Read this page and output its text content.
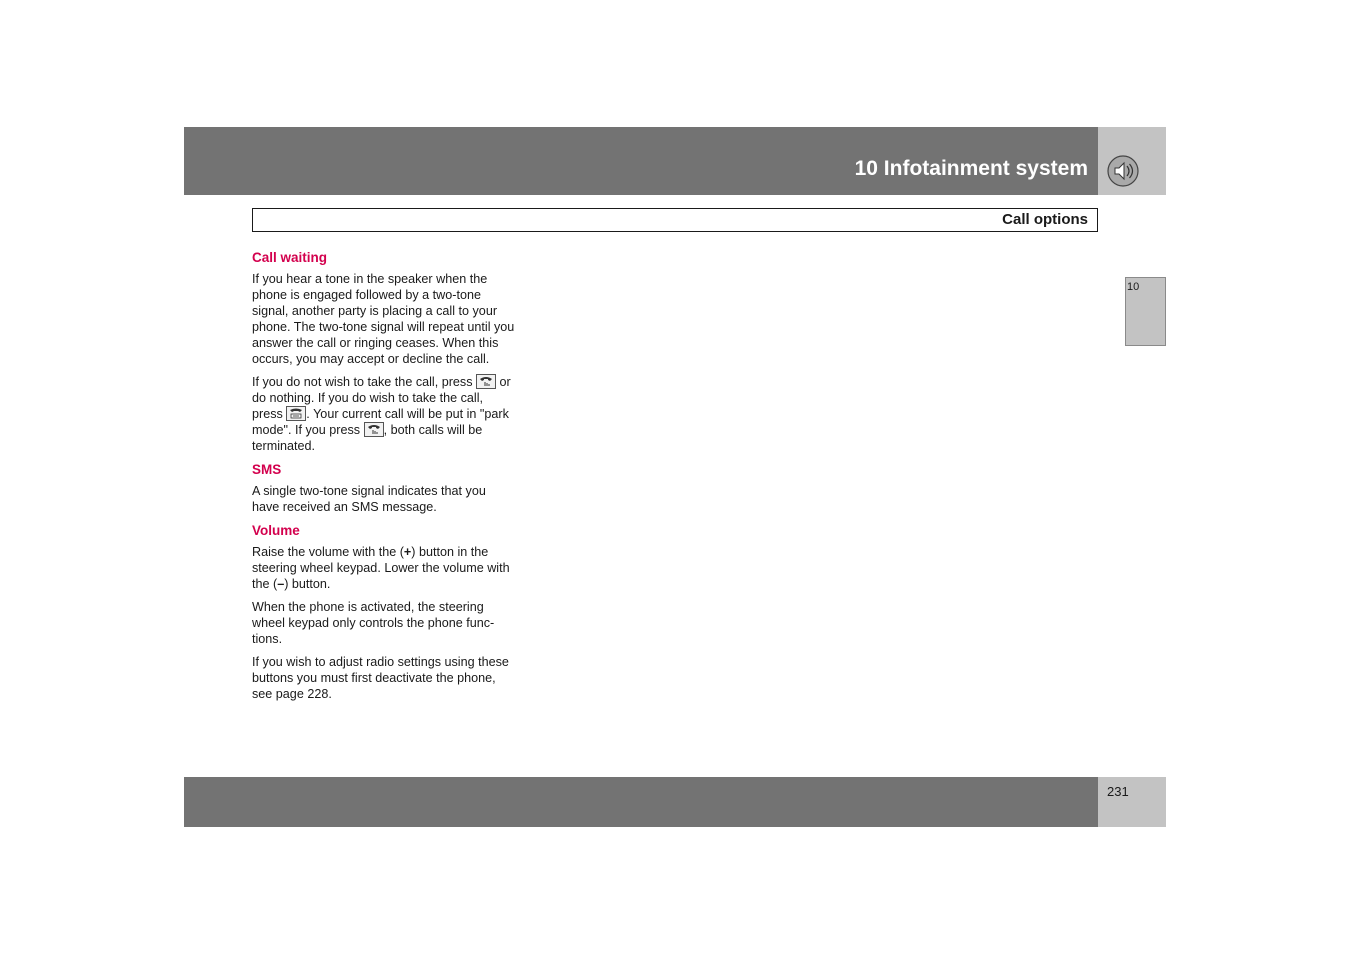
10 Infotainment system
Call options
10
Call waiting

If you hear a tone in the speaker when the phone is engaged followed by a two-tone signal, another party is placing a call to your phone. The two-tone signal will repeat until you answer the call or ringing ceases. When this occurs, you may accept or decline the call.

If you do not wish to take the call, press or do nothing. If you do wish to take the call, press . Your current call will be put in "park mode". If you press , both calls will be terminated.

SMS

A single two-tone signal indicates that you have received an SMS message.

Volume

Raise the volume with the (+) button in the steering wheel keypad. Lower the volume with the (–) button.

When the phone is activated, the steering wheel keypad only controls the phone func-tions.

If you wish to adjust radio settings using these buttons you must first deactivate the phone, see page 228.

231
